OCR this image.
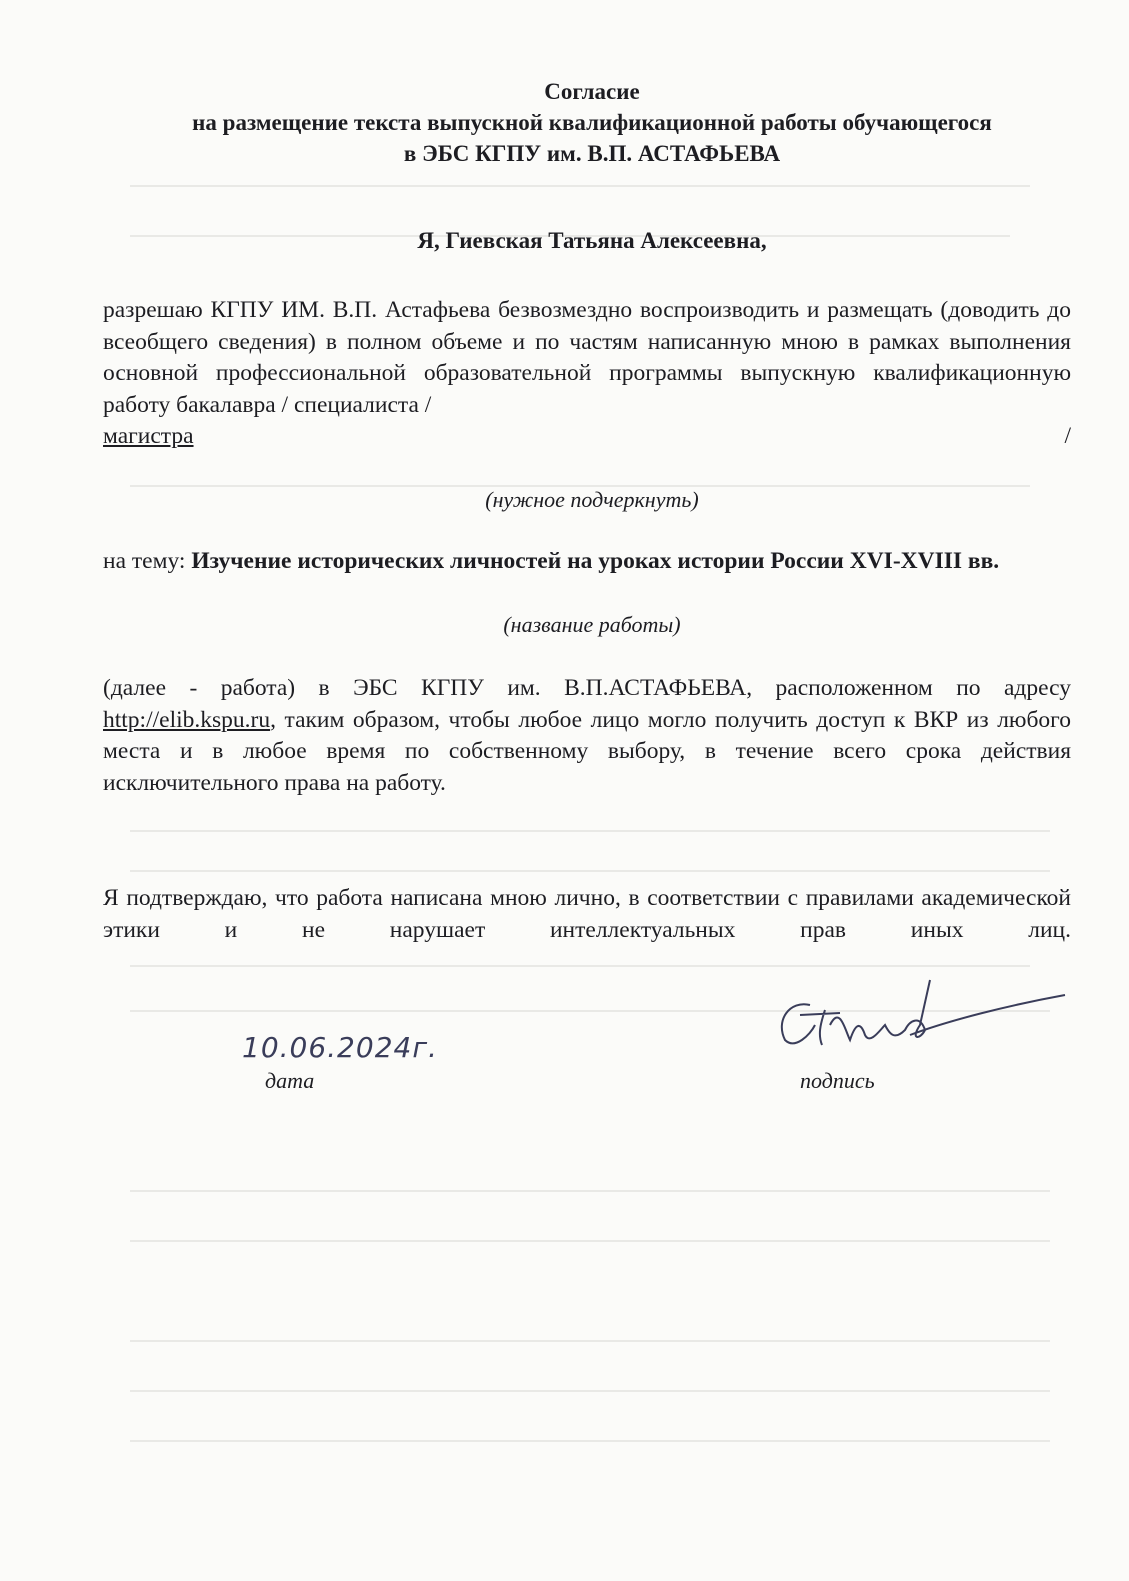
Согласие
на размещение текста выпускной квалификационной работы обучающегося
в ЭБС КГПУ им. В.П. АСТАФЬЕВА
Я, Гиевская Татьяна Алексеевна,
разрешаю КГПУ ИМ. В.П. Астафьева безвозмездно воспроизводить и размещать (доводить до всеобщего сведения) в полном объеме и по частям написанную мною в рамках выполнения основной профессиональной образовательной программы выпускную квалификационную работу бакалавра / специалиста /
магистра	/
(нужное подчеркнуть)
на тему: Изучение исторических личностей на уроках истории России XVI-XVIII вв.
(название работы)
(далее - работа) в ЭБС КГПУ им. В.П.АСТАФЬЕВА, расположенном по адресу http://elib.kspu.ru, таким образом, чтобы любое лицо могло получить доступ к ВКР из любого места и в любое время по собственному выбору, в течение всего срока действия исключительного права на работу.
Я подтверждаю, что работа написана мною лично, в соответствии с правилами академической этики и не нарушает интеллектуальных прав иных лиц.
10.06.2024г.
дата	подпись
